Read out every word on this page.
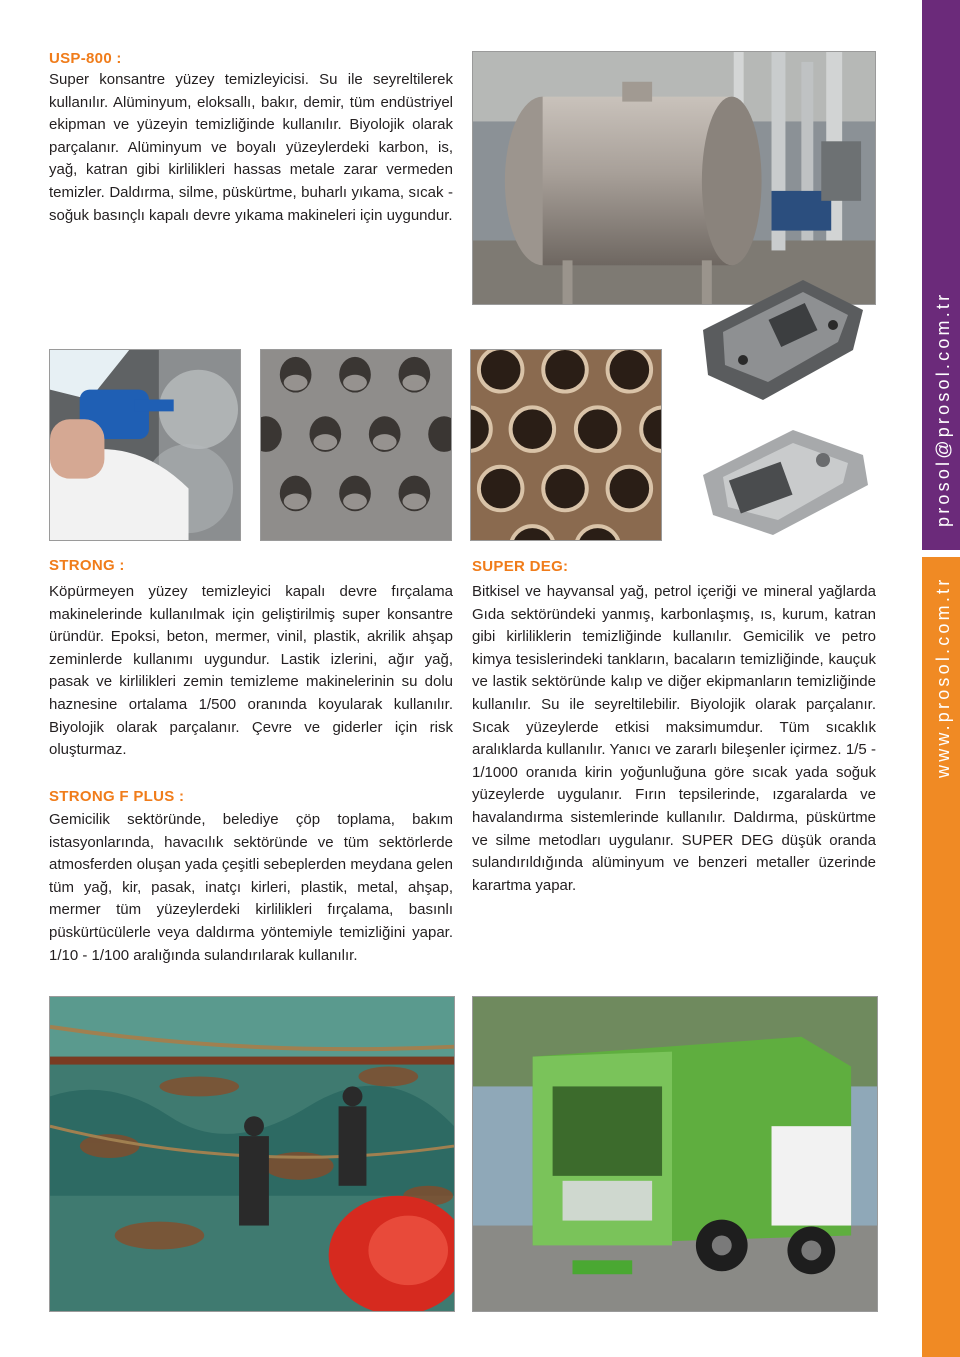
prosol@prosol.com.tr
www.prosol.com.tr
USP-800 :
Super konsantre yüzey temizleyicisi. Su ile seyreltilerek kullanılır. Alüminyum, eloksallı, bakır, demir, tüm endüstriyel ekipman ve yüzeyin temizliğinde kullanılır. Biyolojik olarak parçalanır. Alüminyum ve boyalı yüzeylerdeki karbon, is, yağ, katran gibi kirlilikleri hassas metale zarar vermeden temizler. Daldırma, silme, püskürtme, buharlı yıkama, sıcak - soğuk basınçlı kapalı devre yıkama makineleri için uygundur.
STRONG :
Köpürmeyen yüzey temizleyici kapalı devre fırçalama makinelerinde kullanılmak için geliştirilmiş super konsantre üründür. Epoksi, beton, mermer, vinil, plastik, akrilik ahşap zeminlerde kullanımı uygundur. Lastik izlerini, ağır yağ, pasak ve kirlilikleri zemin temizleme makinelerinin su dolu haznesine ortalama 1/500 oranında koyularak kullanılır. Biyolojik olarak parçalanır. Çevre ve giderler için risk oluşturmaz.
STRONG F PLUS :
Gemicilik sektöründe, belediye çöp toplama, bakım istasyonlarında, havacılık sektöründe ve tüm sektörlerde atmosferden oluşan yada çeşitli sebeplerden meydana gelen tüm yağ, kir, pasak, inatçı kirleri, plastik, metal, ahşap, mermer tüm yüzeylerdeki kirlilikleri fırçalama, basınlı püskürtücülerle veya daldırma yöntemiyle temizliğini yapar. 1/10 - 1/100 aralığında sulandırılarak kullanılır.
SUPER DEG:
Bitkisel ve hayvansal yağ, petrol içeriği ve mineral yağlarda Gıda sektöründeki yanmış, karbonlaşmış, ıs, kurum, katran gibi kirliliklerin temizliğinde kullanılır. Gemicilik ve petro kimya tesislerindeki tankların, bacaların temizliğinde, kauçuk ve lastik sektöründe kalıp ve diğer ekipmanların temizliğinde kullanılır. Su ile seyreltilebilir. Biyolojik olarak parçalanır. Sıcak yüzeylerde etkisi maksimumdur. Tüm sıcaklık aralıklarda kullanılır. Yanıcı ve zararlı bileşenler içirmez. 1/5 - 1/1000 oranıda kirin yoğunluğuna göre sıcak yada soğuk yüzeylerde uygulanır. Fırın tepsilerinde, ızgaralarda ve havalandırma sistemlerinde kullanılır. Daldırma, püskürtme ve silme metodları uygulanır. SUPER DEG düşük oranda sulandırıldığında alüminyum ve benzeri metaller üzerinde karartma yapar.
